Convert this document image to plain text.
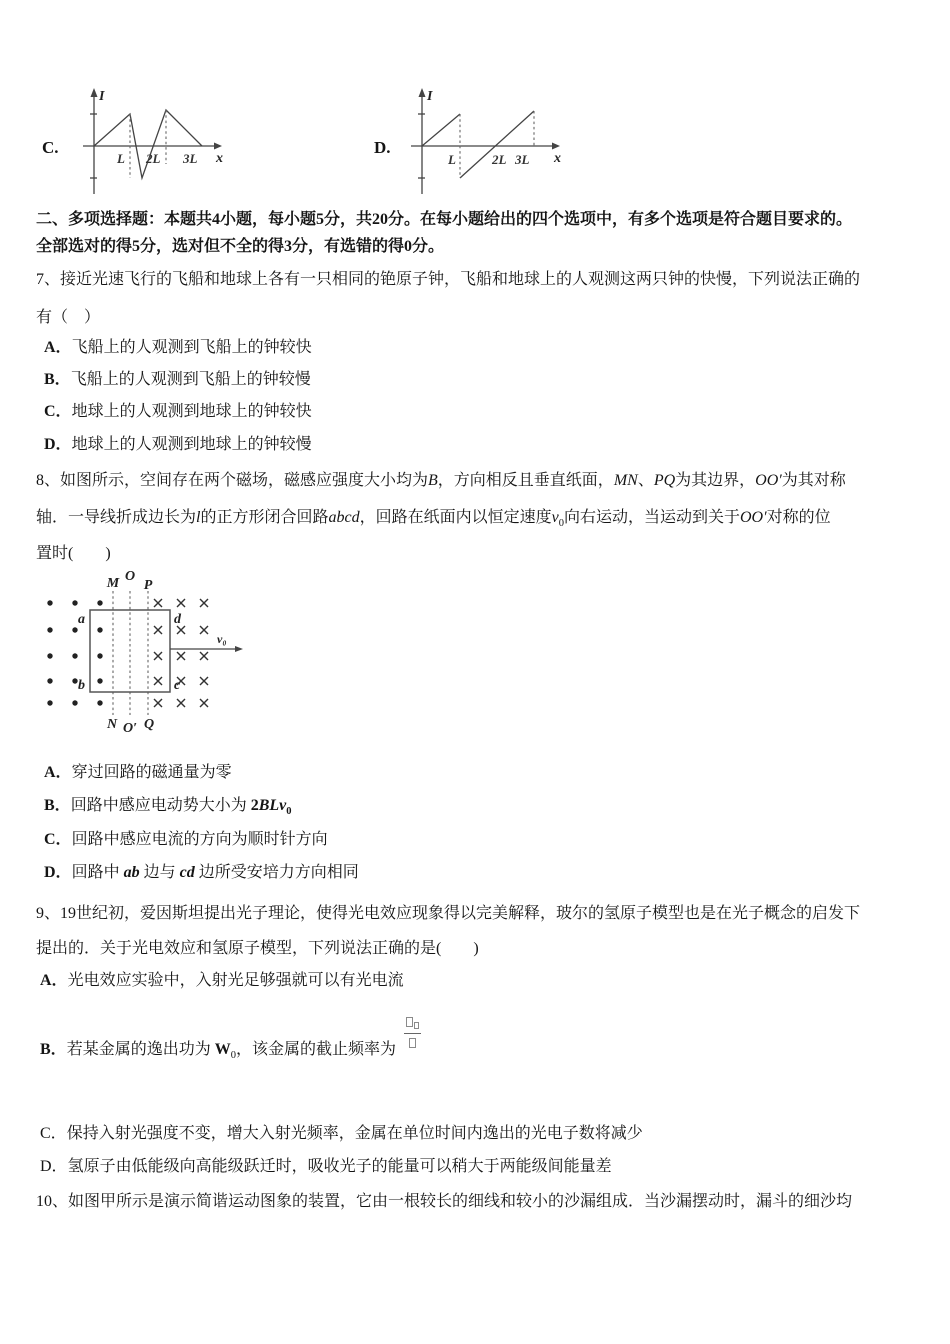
C.
I
x
L 2L 3L
D.
I
x
L	2L 3L
二、多项选择题：本题共4小题，每小题5分，共20分。在每小题给出的四个选项中，有多个选项是符合题目要求的。
全部选对的得5分，选对但不全的得3分，有选错的得0分。
7、接近光速飞行的飞船和地球上各有一只相同的铯原子钟，飞船和地球上的人观测这两只钟的快慢，下列说法正确的
有（　）
A．飞船上的人观测到飞船上的钟较快
B．飞船上的人观测到飞船上的钟较慢
C．地球上的人观测到地球上的钟较快
D．地球上的人观测到地球上的钟较慢
8、如图所示，空间存在两个磁场，磁感应强度大小均为B，方向相反且垂直纸面，MN、PQ为其边界，OO′为其对称
轴．一导线折成边长为l的正方形闭合回路abcd，回路在纸面内以恒定速度$v_0$向右运动，当运动到关于OO′对称的位
置时(　　)
M O
P
N O′ Q
a
b	c
d
v₀
A．穿过回路的磁通量为零
B．回路中感应电动势大小为 2BLv$_0$
C．回路中感应电流的方向为顺时针方向
D．回路中 ab 边与 cd 边所受安培力方向相同
9、19世纪初，爱因斯坦提出光子理论，使得光电效应现象得以完美解释，玻尔的氢原子模型也是在光子概念的启发下
提出的．关于光电效应和氢原子模型，下列说法正确的是(　　)
A．光电效应实验中，入射光足够强就可以有光电流
B．若某金属的逸出功为 $W_0$，该金属的截止频率为
C．保持入射光强度不变，增大入射光频率，金属在单位时间内逸出的光电子数将减少
D．氢原子由低能级向高能级跃迁时，吸收光子的能量可以稍大于两能级间能量差
10、如图甲所示是演示简谐运动图象的装置，它由一根较长的细线和较小的沙漏组成．当沙漏摆动时，漏斗的细沙均
